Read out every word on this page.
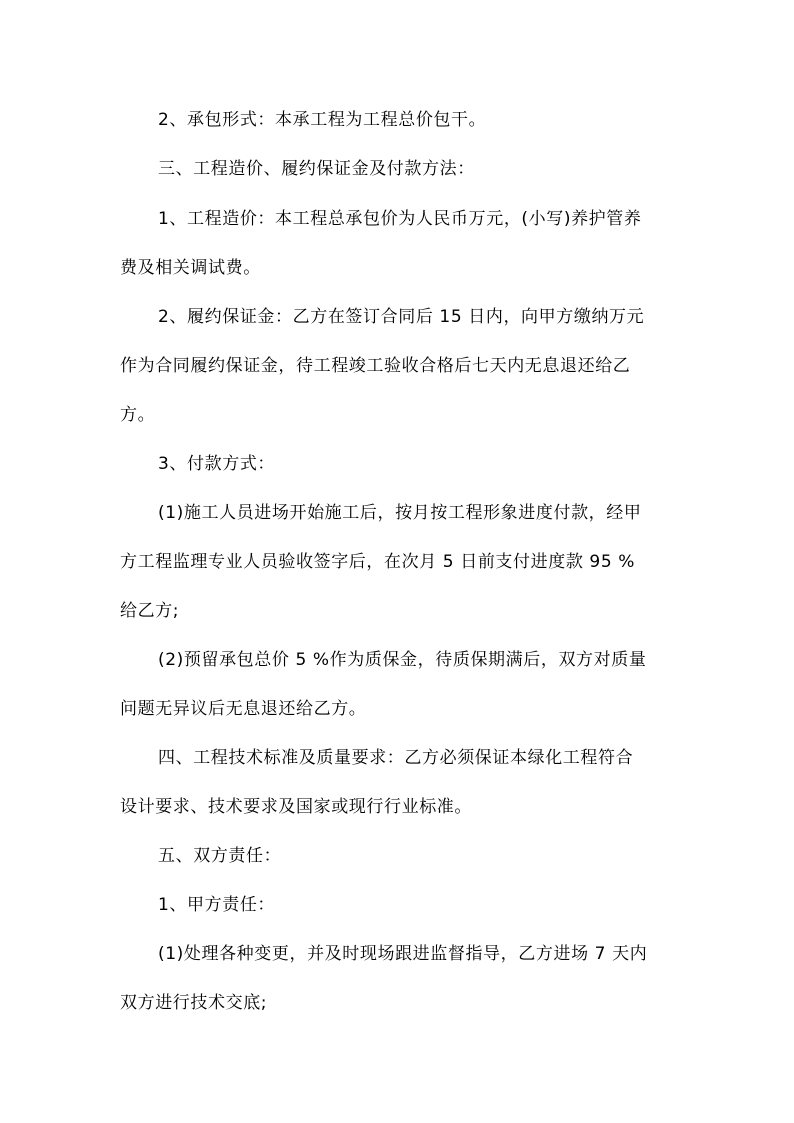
2、承包形式：本承工程为工程总价包干。
三、工程造价、履约保证金及付款方法：
1、工程造价：本工程总承包价为人民币万元，(小写)养护管养
费及相关调试费。
2、履约保证金：乙方在签订合同后 15 日内，向甲方缴纳万元
作为合同履约保证金，待工程竣工验收合格后七天内无息退还给乙
方。
3、付款方式：
(1)施工人员进场开始施工后，按月按工程形象进度付款，经甲
方工程监理专业人员验收签字后，在次月 5 日前支付进度款 95 %
给乙方;
(2)预留承包总价 5 %作为质保金，待质保期满后，双方对质量
问题无异议后无息退还给乙方。
四、工程技术标准及质量要求：乙方必须保证本绿化工程符合
设计要求、技术要求及国家或现行行业标准。
五、双方责任：
1、甲方责任：
(1)处理各种变更，并及时现场跟进监督指导，乙方进场 7 天内
双方进行技术交底;
